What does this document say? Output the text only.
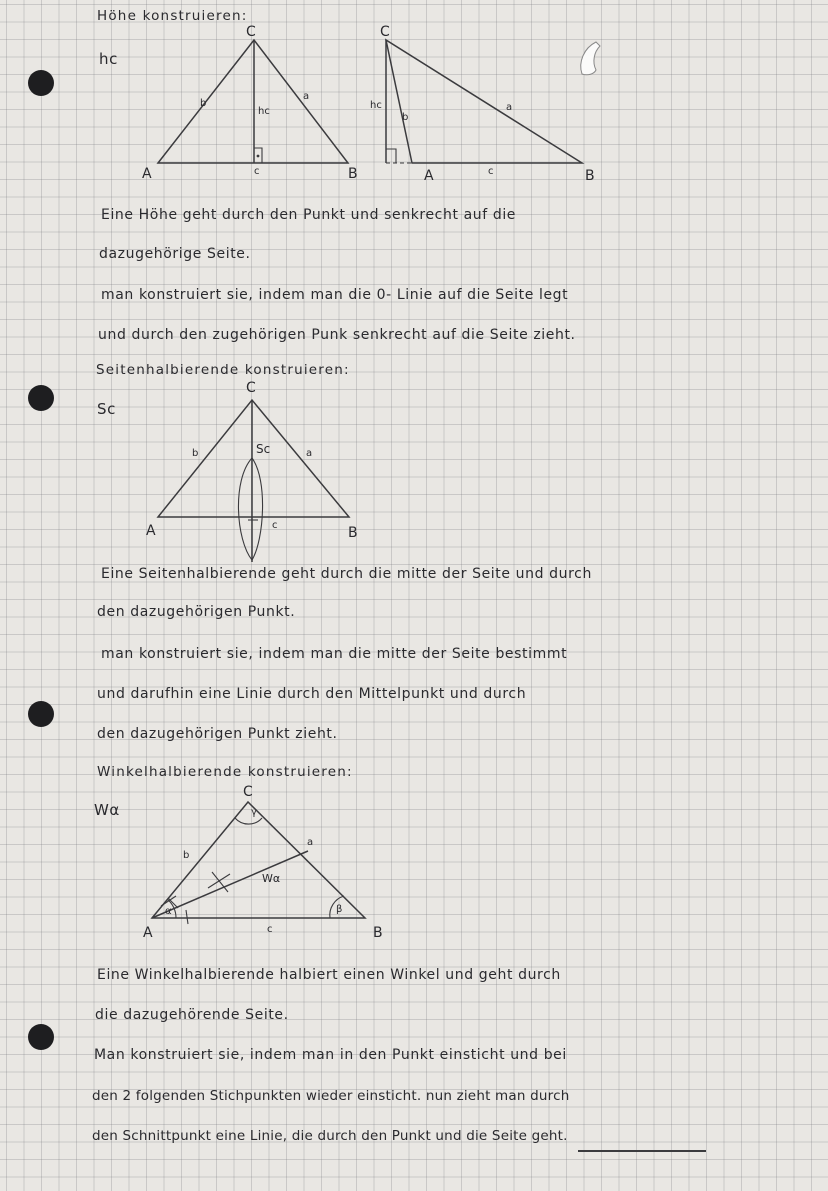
Höhe konstruieren:
hc
C
A	B
b
a
c
hc
C
A	B
b
a
c
hc
Eine Höhe geht durch den Punkt und senkrecht auf die
dazugehörige Seite.
man konstruiert sie, indem man die 0- Linie auf die Seite legt
und durch den zugehörigen Punk senkrecht auf die Seite zieht.
Seitenhalbierende konstruieren:
Sc
C
A	B
b	a
c
Sc
Eine Seitenhalbierende geht durch die mitte der Seite und durch
den dazugehörigen Punkt.
man konstruiert sie, indem man die mitte der Seite bestimmt
und darufhin eine Linie durch den Mittelpunkt und durch
den dazugehörigen Punkt zieht.
Winkelhalbierende konstruieren:
Wα
C
A	B
b
a
c
Wα
α	β
γ
Eine Winkelhalbierende halbiert einen Winkel und geht durch
die dazugehörende Seite.
Man konstruiert sie, indem man in den Punkt einsticht und bei
den 2 folgenden Stichpunkten wieder einsticht. nun zieht man durch
den Schnittpunkt eine Linie, die durch den Punkt und die Seite geht.
